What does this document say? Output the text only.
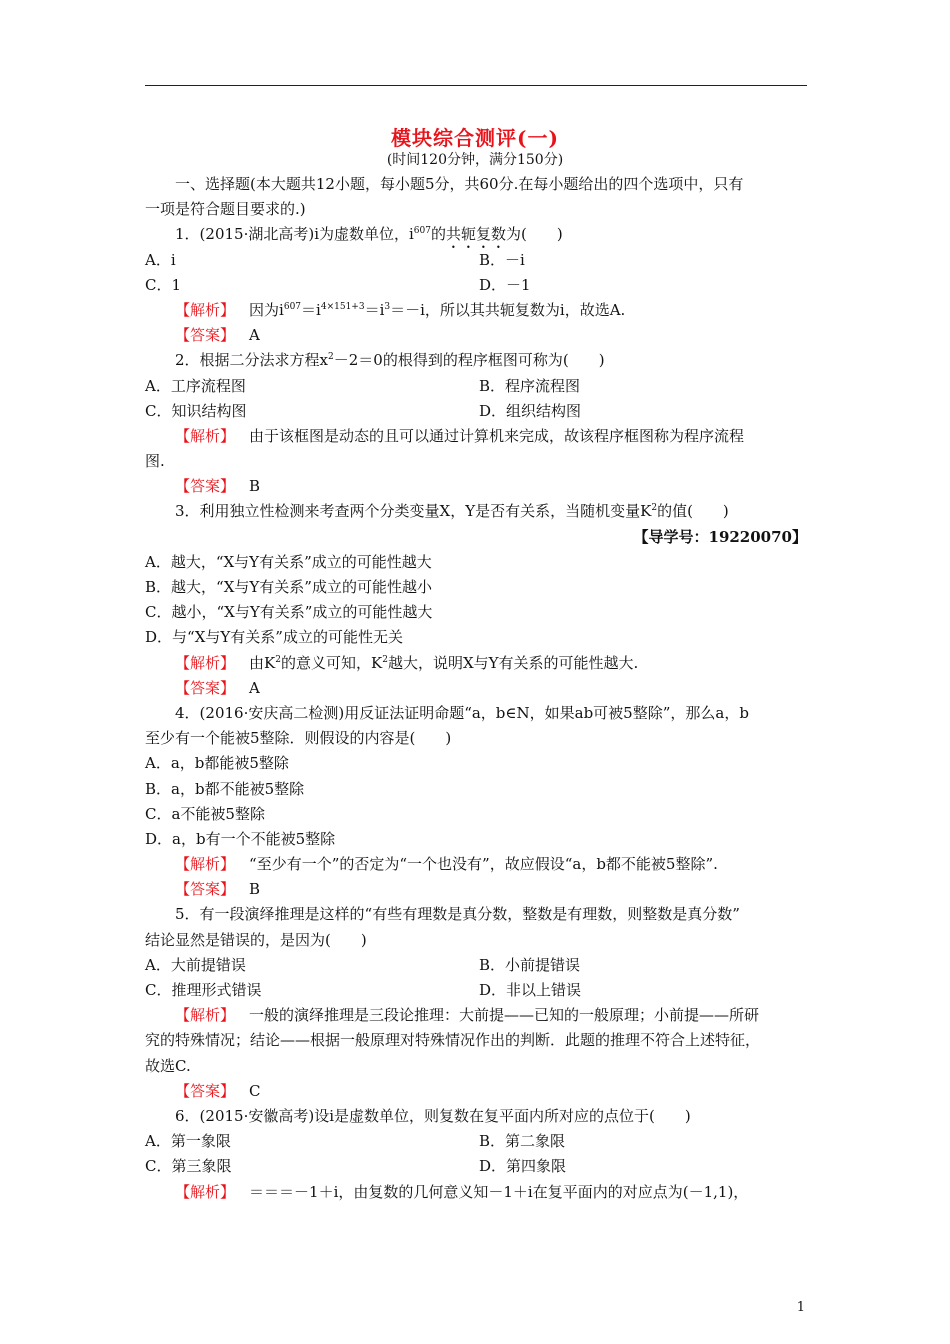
模块综合测评(一)
(时间120分钟，满分150分)
一、选择题(本大题共12小题，每小题5分，共60分.在每小题给出的四个选项中，只有
一项是符合题目要求的.)
1．(2015·湖北高考)i为虚数单位，$i^{607}$的共轭复数为(　　)
A．i	B．－i
C．1	D．－1
【 解析 】 因为$i^{607}=i^{4\times 151+3}=i^3=-i$，所以其共轭复数为i，故选A.
【 答案 】 A
2．根据二分法求方程$x^2-2=0$的根得到的程序框图可称为(　　)
A．工序流程图	B．程序流程图
C．知识结构图	D．组织结构图
【 解析 】 由于该框图是动态的且可以通过计算机来完成，故该程序框图称为程序流程
图.
【 答案 】 B
3．利用独立性检测来考查两个分类变量X，Y是否有关系，当随机变量$K^2$的值(　　)
【导学号：19220070】
A．越大，“X与Y有关系”成立的可能性越大
B．越大，“X与Y有关系”成立的可能性越小
C．越小，“X与Y有关系”成立的可能性越大
D．与“X与Y有关系”成立的可能性无关
【 解析 】 由$K^2$的意义可知，$K^2$越大，说明X与Y有关系的可能性越大.
【 答案 】 A
4．(2016·安庆高二检测)用反证法证明命题“a，b∈N，如果ab可被5整除”，那么a，b
至少有一个能被5整除．则假设的内容是(　　)
A．a，b都能被5整除
B．a，b都不能被5整除
C．a不能被5整除
D．a，b有一个不能被5整除
【 解析 】 “至少有一个”的否定为“一个也没有”，故应假设“a，b都不能被5整除”.
【 答案 】 B
5．有一段演绎推理是这样的“有些有理数是真分数，整数是有理数，则整数是真分数”
结论显然是错误的，是因为(　　)
A．大前提错误	B．小前提错误
C．推理形式错误	D．非以上错误
【 解析 】 一般的演绎推理是三段论推理：大前提——已知的一般原理；小前提——所研
究的特殊情况；结论——根据一般原理对特殊情况作出的判断．此题的推理不符合上述特征，
故选C.
【 答案 】 C
6．(2015·安徽高考)设i是虚数单位，则复数在复平面内所对应的点位于(　　)
A．第一象限	B．第二象限
C．第三象限	D．第四象限
【 解析 】 ＝＝＝－1＋i，由复数的几何意义知－1＋i在复平面内的对应点为(－1,1)，
1
